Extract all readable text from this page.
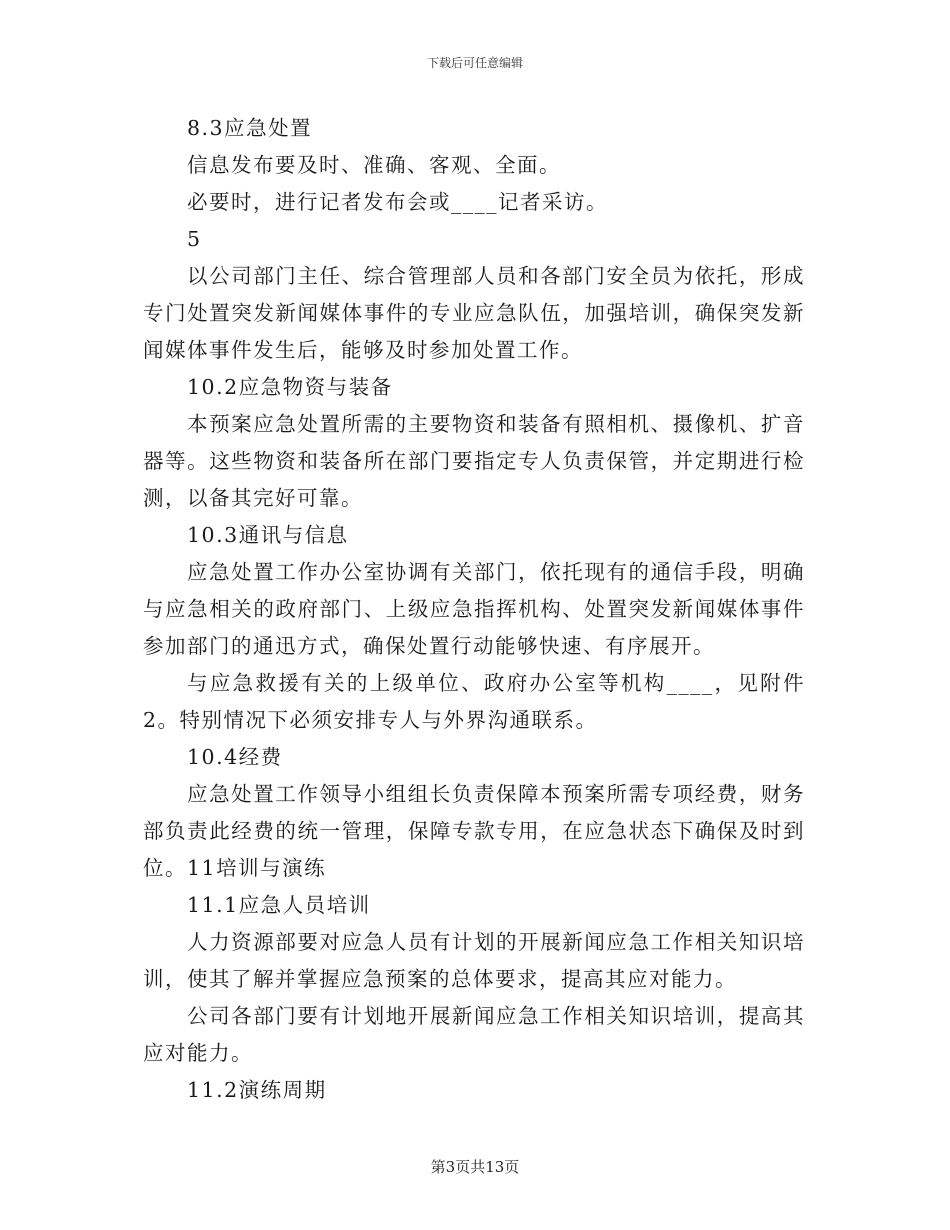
下载后可任意编辑

8.3应急处置

信息发布要及时、准确、客观、全面。

必要时，进行记者发布会或____记者采访。

5

以公司部门主任、综合管理部人员和各部门安全员为依托，形成专门处置突发新闻媒体事件的专业应急队伍，加强培训，确保突发新闻媒体事件发生后，能够及时参加处置工作。

10.2应急物资与装备

本预案应急处置所需的主要物资和装备有照相机、摄像机、扩音器等。这些物资和装备所在部门要指定专人负责保管，并定期进行检测，以备其完好可靠。

10.3通讯与信息

应急处置工作办公室协调有关部门，依托现有的通信手段，明确与应急相关的政府部门、上级应急指挥机构、处置突发新闻媒体事件参加部门的通迅方式，确保处置行动能够快速、有序展开。

与应急救援有关的上级单位、政府办公室等机构____，见附件2。特别情况下必须安排专人与外界沟通联系。

10.4经费

应急处置工作领导小组组长负责保障本预案所需专项经费，财务部负责此经费的统一管理，保障专款专用，在应急状态下确保及时到位。11培训与演练

11.1应急人员培训

人力资源部要对应急人员有计划的开展新闻应急工作相关知识培训，使其了解并掌握应急预案的总体要求，提高其应对能力。

公司各部门要有计划地开展新闻应急工作相关知识培训，提高其应对能力。

11.2演练周期

第3页共13页
